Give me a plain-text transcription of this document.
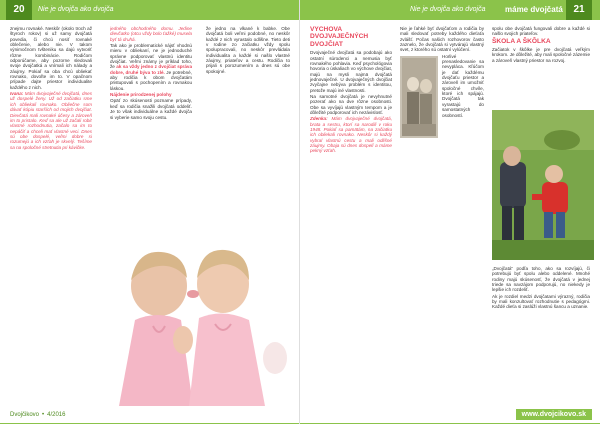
20	Nie je dvojča ako dvojča

znejmu rovnaké. Neskôr (okolo troch až štyroch rokov) si už samy dvojčatá povedia, či chcú nosiť rovnaké oblečenie, alebo nie. V takom výnimočnom tvšteniku sa dajú vytvoriť rôzne kombinácie. Rodičom odporúčame, aby pozorne sledovali svoje dvojčatká a vnímali ich nálady a záujmy. Pokiaľ sa oba chcú obliekať rovnako, dovoľte im to. V opačnom prípade dajte priestor individualite každého z nich.

Ivana: Mám dvojvaječné dvojčatá, dnes už dospelé ženy. Už od začiatku sme ich obliekali rovnako. Obliečne som dávať kópiu starších od mojich dvojčiat. Dievčatá mali rovnaké účesy a zároveň im to pristalo. Keď sa ale už začali robiť vlastné rozhodnutia, začalo sa im to nepáčiť a chceli mať vlastné veci. Dnes sú obe dospelé, veľmi dobre si rozumejú a ich vzťah je skvelý. Tešíme sa na spoločné stretnutia pri kávičke.

jedného obchodného domu. Jedine dievčatko (otcu vždy bolo ťažké) musela byť tá druhá.

Tak ako je problematické nájsť vhodnú mieru v obliekaní, ne je jednoduché správne podporovať vlastnú identitu dvojčiat. Veľmi známy je príklad toho, že ak sa vždy jedno z dvojčiat správa dobre, druhé býva to zlé. Je potrebné, aby rodičia k obom dvojčatám pristupovali s pochopením a rovnakou láskou.

Nájdenie prirodzenej polohy

Opäť zo skúsenosti pozname prípady, keď sa rodičia snažili dvojčatá oddeliť. Je to však individuálne a každé dvojča si vyberie samo svoju cestu.

že jedno na vlkané k babke. Obe dvojčatá boli veľmi podobné, no neskôr každé z nich vyrastalo odlišne. Tieto deti v rodine zo začiatku vždy spolu spolupracovali, no neskôr prevládala individualita a každé si našlo vlastné záujmy, priateľov a cestu. Rodičia to prijali s porozumením a dnes sú obe spokojné.

Dvojčikovo • 4/2016
Nie je dvojča ako dvojča máme dvojčatá	21
VÝCHOVA DVOJVAJEČNÝCH DVOJČIAT

Dvojvaječné dvojčatá sa podobajú ako ostatní súrodenci a nemusia byť rovnakého pohlavia. Keď psychológovia hovoria o úskaliach vo výchove dvojčiat, majú na mysli najmä dvojčatá jednovaječné. U dvojvaječných dvojčiat zvyčajne nebýva problém s identitou, pretože majú iné vlastnosti.

Na samotné dvojčatá je nevyhnutné pozerať ako na dve rôzne osobnosti. Obe sa vyvíjajú vlastným tempom a je dôležité podporovať ich nezávislosť.

Zdenka: Mám dvojvaječné dvojčatá, brata a sestru, ktorí sa narodili v roku 1948. Pokiaľ sa pamätám, na začiatku ich obliekali rovnako. Neskôr si každý vybral vlastnú cestu a mali odlišné záujmy. Obaja sú dnes dospelí a máme pekný vzťah.

Nie je ľahké byť dvojčaťom a rodičia by mali sledovať potreby každého dieťaťa zvlášť. Počas našich rozhovorov často zaznelo, že dvojčatá si vytvárajú vlastný svet, z ktorého sú ostatní vylúčení.

Horlivé prenasledovanie sa nevypláca. Kľúčom je dať každému dvojčaťu priestor a zároveň im umožniť spoločné chvíle, ktoré ich spájajú. Dvojčatá tak vyrastajú do samostatných osobností.

spolu obe dvojčatá fungovali dobre a každé si našlo svojich priateľov.

ŠKOLA A ŠKÔLKA

Začiatok v škôlke je pre dvojčatá veľkým krokom. Je dôležité, aby mali spoločné zázemie a zároveň vlastný priestor na rozvoj.

„Dvojčatá“ podľa toho, ako sa rozvíjajú, či potrebujú byť spolu alebo oddelené. Mnohé rodiny majú skúsenosť, že dvojčatá v jednej triede sa navzájom podporujú, no niekedy je lepšie ich rozdeliť.

Ak je rozdiel medzi dvojčatami výrazný, rodičia by mali konzultovať rozhodnutie s pedagógmi. Každé dieťa si zaslúži vlastnú šancu a uznanie.

www.dvojcikovo.sk
